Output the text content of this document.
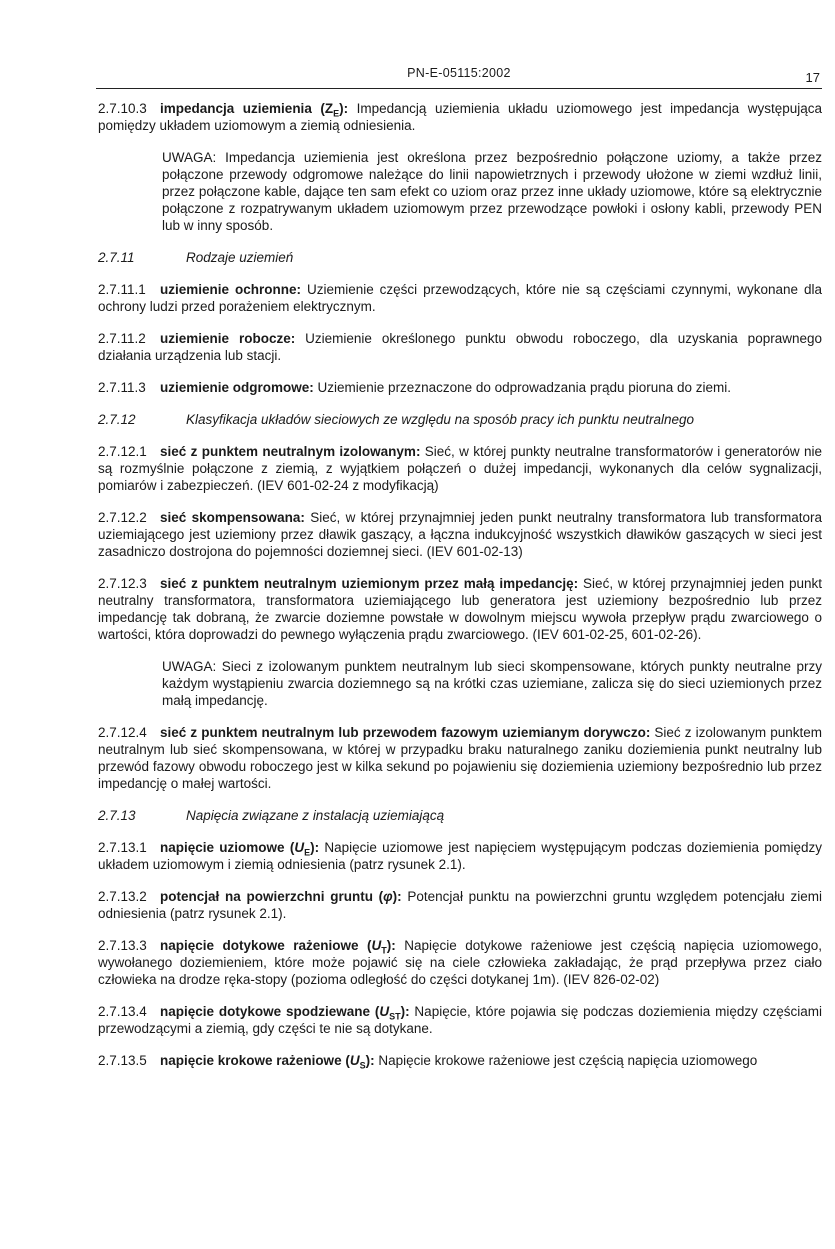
PN-E-05115:2002	17

2.7.10.3 impedancja uziemienia $(Z_E)$: Impedancją uziemienia układu uziomowego jest impedancja występująca pomiędzy układem uziomowym a ziemią odniesienia.

UWAGA: Impedancja uziemienia jest określona przez bezpośrednio połączone uziomy, a także przez połączone przewody odgromowe należące do linii napowietrznych i przewody ułożone w ziemi wzdłuż linii, przez połączone kable, dające ten sam efekt co uziom oraz przez inne układy uziomowe, które są elektrycznie połączone z rozpatrywanym układem uziomowym przez przewodzące powłoki i osłony kabli, przewody PEN lub w inny sposób.

2.7.11	Rodzaje uziemień

2.7.11.1 uziemienie ochronne: Uziemienie części przewodzących, które nie są częściami czynnymi, wykonane dla ochrony ludzi przed porażeniem elektrycznym.

2.7.11.2 uziemienie robocze: Uziemienie określonego punktu obwodu roboczego, dla uzyskania poprawnego działania urządzenia lub stacji.

2.7.11.3 uziemienie odgromowe: Uziemienie przeznaczone do odprowadzania prądu pioruna do ziemi.

2.7.12	Klasyfikacja układów sieciowych ze względu na sposób pracy ich punktu neutralnego

2.7.12.1 sieć z punktem neutralnym izolowanym: Sieć, w której punkty neutralne transformatorów i generatorów nie są rozmyślnie połączone z ziemią, z wyjątkiem połączeń o dużej impedancji, wykonanych dla celów sygnalizacji, pomiarów i zabezpieczeń. (IEV 601-02-24 z modyfikacją)

2.7.12.2 sieć skompensowana: Sieć, w której przynajmniej jeden punkt neutralny transformatora lub transformatora uziemiającego jest uziemiony przez dławik gaszący, a łączna indukcyjność wszystkich dławików gaszących w sieci jest zasadniczo dostrojona do pojemności doziemnej sieci. (IEV 601-02-13)

2.7.12.3 sieć z punktem neutralnym uziemionym przez małą impedancję: Sieć, w której przynajmniej jeden punkt neutralny transformatora, transformatora uziemiającego lub generatora jest uziemiony bezpośrednio lub przez impedancję tak dobraną, że zwarcie doziemne powstałe w dowolnym miejscu wywoła przepływ prądu zwarciowego o wartości, która doprowadzi do pewnego wyłączenia prądu zwarciowego. (IEV 601-02-25, 601-02-26).

UWAGA: Sieci z izolowanym punktem neutralnym lub sieci skompensowane, których punkty neutralne przy każdym wystąpieniu zwarcia doziemnego są na krótki czas uziemiane, zalicza się do sieci uziemionych przez małą impedancję.

2.7.12.4 sieć z punktem neutralnym lub przewodem fazowym uziemianym dorywczo: Sieć z izolowanym punktem neutralnym lub sieć skompensowana, w której w przypadku braku naturalnego zaniku doziemienia punkt neutralny lub przewód fazowy obwodu roboczego jest w kilka sekund po pojawieniu się doziemienia uziemiony bezpośrednio lub przez impedancję o małej wartości.

2.7.13	Napięcia związane z instalacją uziemiającą

2.7.13.1 napięcie uziomowe $(U_E)$: Napięcie uziomowe jest napięciem występującym podczas doziemienia pomiędzy układem uziomowym i ziemią odniesienia (patrz rysunek 2.1).

2.7.13.2 potencjał na powierzchni gruntu (φ): Potencjał punktu na powierzchni gruntu względem potencjału ziemi odniesienia (patrz rysunek 2.1).

2.7.13.3 napięcie dotykowe rażeniowe $(U_T)$: Napięcie dotykowe rażeniowe jest częścią napięcia uziomowego, wywołanego doziemieniem, które może pojawić się na ciele człowieka zakładając, że prąd przepływa przez ciało człowieka na drodze ręka-stopy (pozioma odległość do części dotykanej 1m). (IEV 826-02-02)

2.7.13.4 napięcie dotykowe spodziewane $(U_{ST})$: Napięcie, które pojawia się podczas doziemienia między częściami przewodzącymi a ziemią, gdy części te nie są dotykane.

2.7.13.5 napięcie krokowe rażeniowe $(U_S)$: Napięcie krokowe rażeniowe jest częścią napięcia uziomowego
